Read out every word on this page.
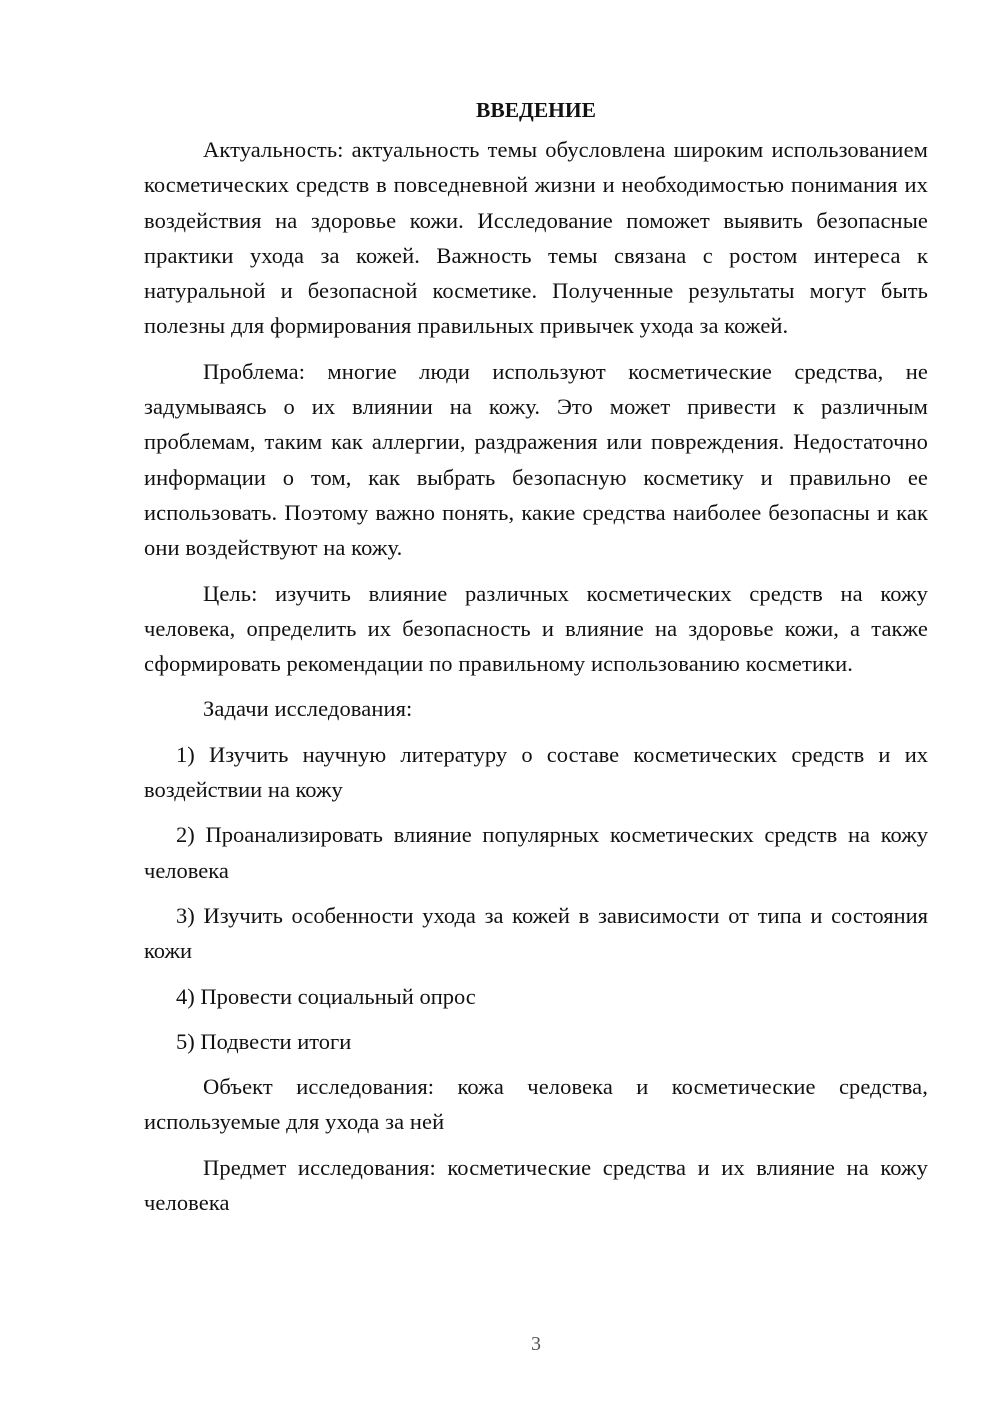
ВВЕДЕНИЕ

Актуальность: актуальность темы обусловлена широким использованием косметических средств в повседневной жизни и необходимостью понимания их воздействия на здоровье кожи. Исследование поможет выявить безопасные практики ухода за кожей. Важность темы связана с ростом интереса к натуральной и безопасной косметике. Полученные результаты могут быть полезны для формирования правильных привычек ухода за кожей.

Проблема: многие люди используют косметические средства, не задумываясь о их влиянии на кожу. Это может привести к различным проблемам, таким как аллергии, раздражения или повреждения. Недостаточно информации о том, как выбрать безопасную косметику и правильно ее использовать. Поэтому важно понять, какие средства наиболее безопасны и как они воздействуют на кожу.

Цель: изучить влияние различных косметических средств на кожу человека, определить их безопасность и влияние на здоровье кожи, а также сформировать рекомендации по правильному использованию косметики.

Задачи исследования:

1) Изучить научную литературу о составе косметических средств и их воздействии на кожу

2) Проанализировать влияние популярных косметических средств на кожу человека

3) Изучить особенности ухода за кожей в зависимости от типа и состояния кожи

4) Провести социальный опрос

5) Подвести итоги

Объект исследования: кожа человека и косметические средства, используемые для ухода за ней

Предмет исследования: косметические средства и их влияние на кожу человека

3
